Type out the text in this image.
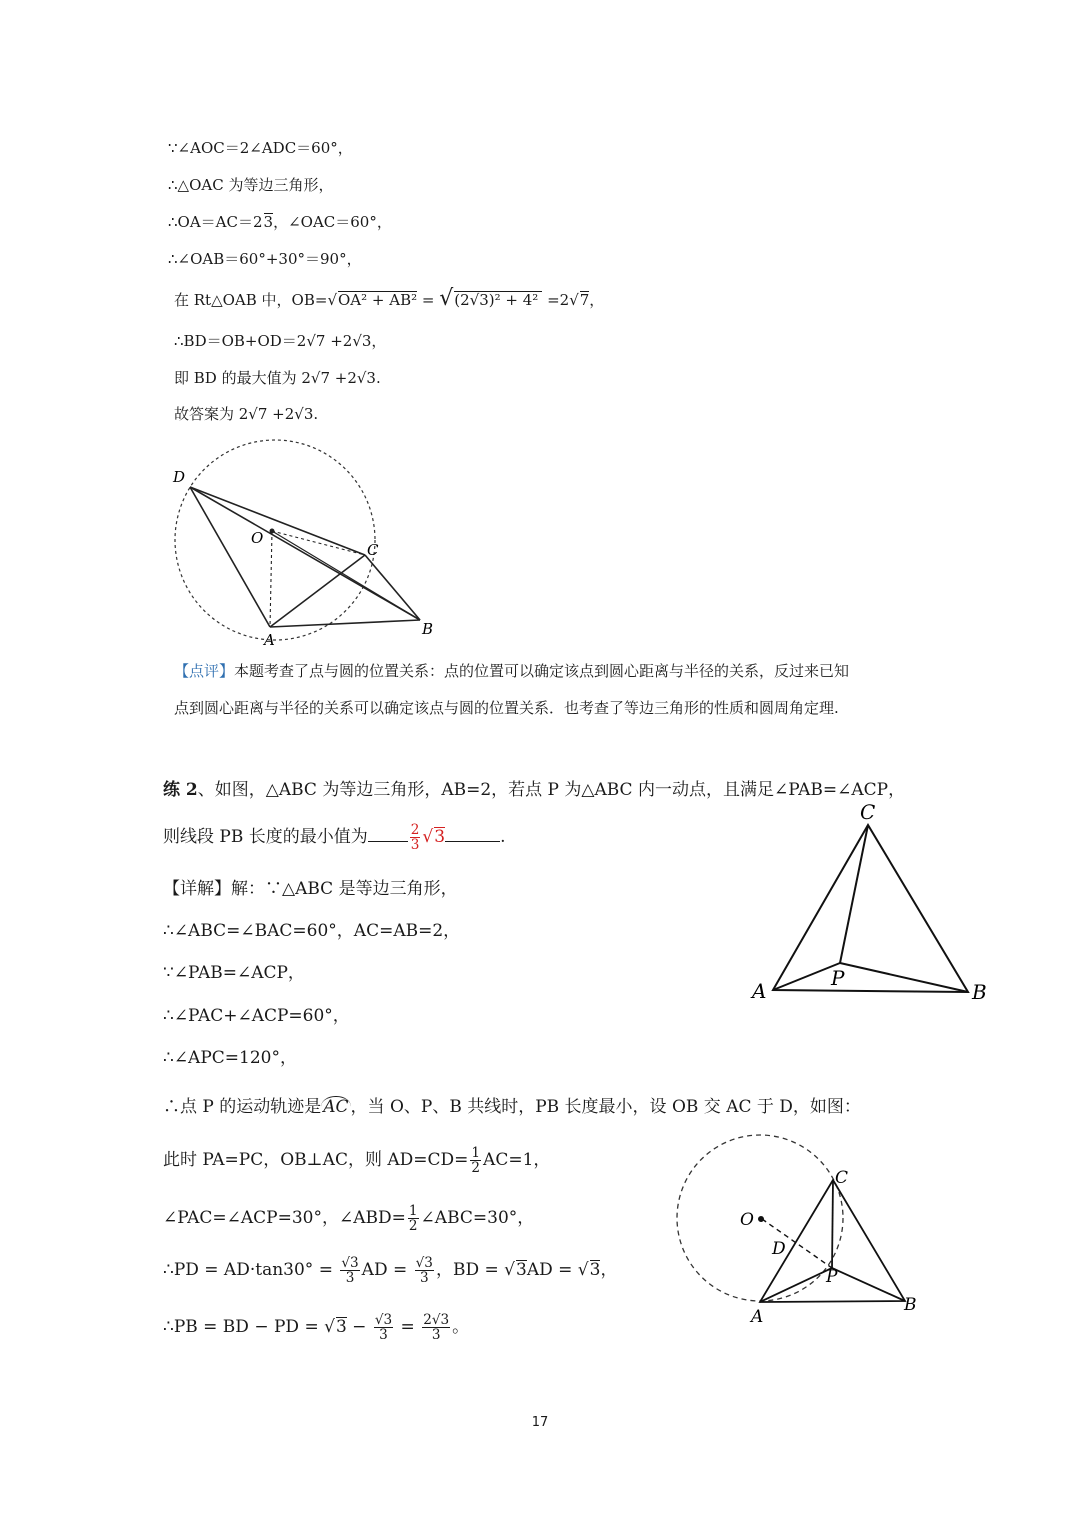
∵∠AOC＝2∠ADC＝60°，
∴△OAC 为等边三角形，
∴OA＝AC＝23，∠OAC＝60°，
∴∠OAB＝60°+30°＝90°，
在 Rt△OAB 中，OB=√OA² + AB² = √(2√3)² + 4² =2√7，
∴BD＝OB+OD＝2√7 +2√3，
即 BD 的最大值为 2√7 +2√3.
故答案为 2√7 +2√3.
D
O
C
A
B
【点评】本题考查了点与圆的位置关系：点的位置可以确定该点到圆心距离与半径的关系，反过来已知
点到圆心距离与半径的关系可以确定该点与圆的位置关系．也考查了等边三角形的性质和圆周角定理.
练 2、如图，△ABC 为等边三角形，AB=2，若点 P 为△ABC 内一动点，且满足∠PAB=∠ACP，
则线段 PB 长度的最小值为	$\frac{2}{3} √3$	.
【详解】解：∵△ABC 是等边三角形，
∴∠ABC=∠BAC=60°，AC=AB=2，
∵∠PAB=∠ACP，
∴∠PAC+∠ACP=60°，
∴∠APC=120°，
∴点 P 的运动轨迹是 AC ，当 O、P、B 共线时，PB 长度最小，设 OB 交 AC 于 D，如图：
此时 PA=PC，OB⊥AC，则 $AD=CD= \frac{1}{2} AC=1$，
∠PAC=∠ACP=30°，∠ABD= $\frac{1}{2}$ ∠ABC=30°，
∴PD = $AD\cdot\tan 30^\circ = \frac{√3}{3}$ AD = $\frac{√3}{3}$ ，BD = √3AD = √3，
∴PB = BD − PD = $√3 - \frac{√3}{3} = \frac{2√3}{3}$ 。
C
P
A	B
C
O
D
P
A
B
17
